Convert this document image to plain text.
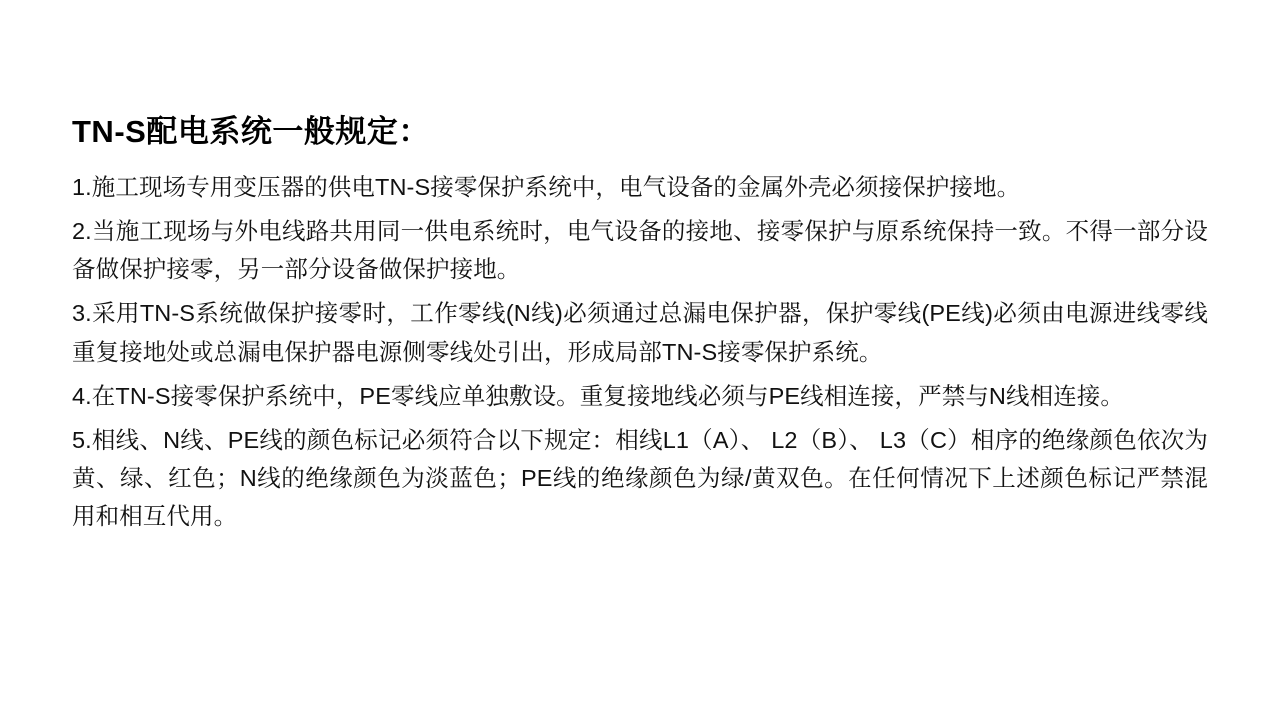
TN-S配电系统一般规定：
1.施工现场专用变压器的供电TN-S接零保护系统中，电气设备的金属外壳必须接保护接地。
2.当施工现场与外电线路共用同一供电系统时，电气设备的接地、接零保护与原系统保持一致。不得一部分设备做保护接零，另一部分设备做保护接地。
3.采用TN-S系统做保护接零时，工作零线(N线)必须通过总漏电保护器，保护零线(PE线)必须由电源进线零线重复接地处或总漏电保护器电源侧零线处引出，形成局部TN-S接零保护系统。
4.在TN-S接零保护系统中，PE零线应单独敷设。重复接地线必须与PE线相连接，严禁与N线相连接。
5.相线、N线、PE线的颜色标记必须符合以下规定：相线L1（A）、 L2（B）、 L3（C）相序的绝缘颜色依次为黄、绿、红色；N线的绝缘颜色为淡蓝色；PE线的绝缘颜色为绿/黄双色。在任何情况下上述颜色标记严禁混用和相互代用。
